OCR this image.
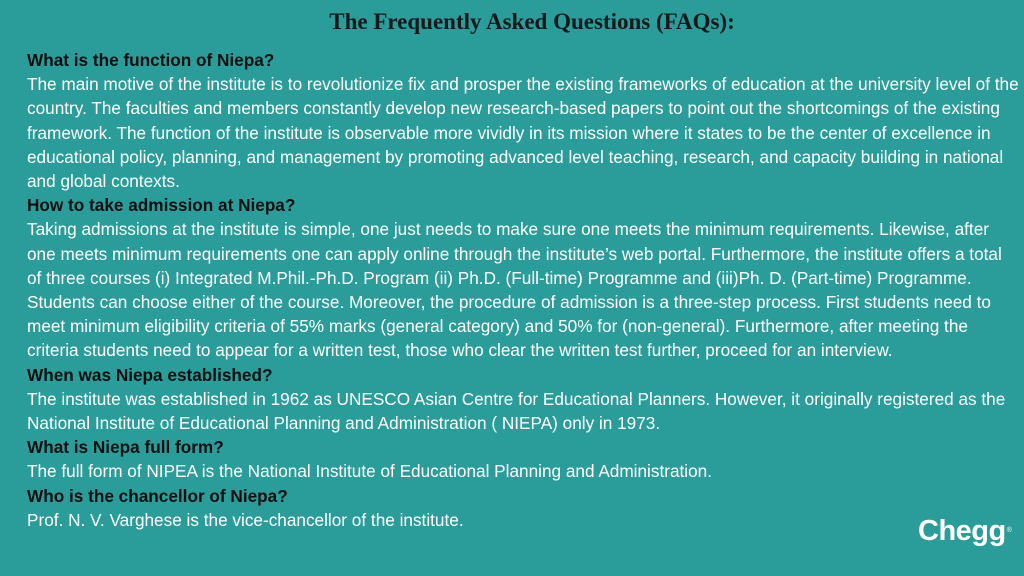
The Frequently Asked Questions (FAQs):
What is the function of Niepa?
The main motive of the institute is to revolutionize fix and prosper the existing frameworks of education at the university level of the country. The faculties and members constantly develop new research-based papers to point out the shortcomings of the existing framework. The function of the institute is observable more vividly in its mission where it states to be the center of excellence in educational policy, planning, and management by promoting advanced level teaching, research, and capacity building in national and global contexts.
How to take admission at Niepa?
Taking admissions at the institute is simple, one just needs to make sure one meets the minimum requirements. Likewise, after one meets minimum requirements one can apply online through the institute’s web portal. Furthermore, the institute offers a total of three courses (i) Integrated M.Phil.-Ph.D. Program (ii) Ph.D. (Full-time) Programme and (iii)Ph. D. (Part-time) Programme. Students can choose either of the course. Moreover, the procedure of admission is a three-step process. First students need to meet minimum eligibility criteria of 55% marks (general category) and 50% for (non-general). Furthermore, after meeting the criteria students need to appear for a written test, those who clear the written test further, proceed for an interview.
When was Niepa established?
The institute was established in 1962 as UNESCO Asian Centre for Educational Planners. However, it originally registered as the National Institute of Educational Planning and Administration ( NIEPA) only in 1973.
What is Niepa full form?
The full form of NIPEA is the National Institute of Educational Planning and Administration.
Who is the chancellor of Niepa?
Prof. N. V. Varghese is the vice-chancellor of the institute.	Chegg®
